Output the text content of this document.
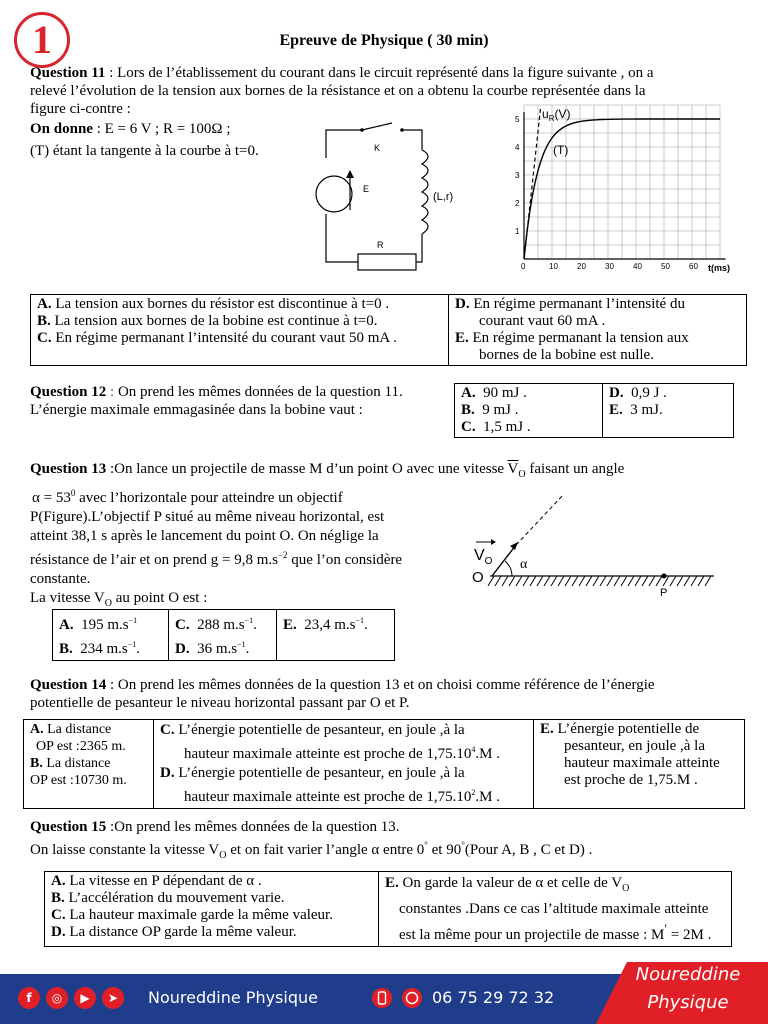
1	Epreuve de Physique ( 30 min)
Question 11 : Lors de l’établissement du courant dans le circuit représenté dans la figure suivante , on a
relevé l’évolution de la tension aux bornes de la résistance et on a obtenu la courbe représentée dans la
figure ci-contre :
On donne : E = 6 V ; R = 100Ω ;
(T) étant la tangente à la courbe à t=0.	K
E
(L,r)
R
0	10 20 30 40 50 60
1
2
3
4
5 $u_R(V)$
(T)
t(ms)
A. La tension aux bornes du résistor est discontinue à t=0 .
B. La tension aux bornes de la bobine est continue à t=0.
C. En régime permanant l’intensité du courant vaut 50 mA .

D. En régime permanant l’intensité du
courant vaut 60 mA .
E. En régime permanant la tension aux
bornes de la bobine est nulle.
Question 12 : On prend les mêmes données de la question 11.
L’énergie maximale emmagasinée dans la bobine vaut :
A. 90 mJ .
B. 9 mJ .
C. 1,5 mJ .

D. 0,9 J .
E. 3 mJ.
Question 13 :On lance un projectile de masse M d’un point O avec une vitesse $\overline{V}_O$ faisant un angle
$\alpha = 53^0$ avec l’horizontale pour atteindre un objectif
P(Figure).L’objectif P situé au même niveau horizontal, est
atteint 38,1 s après le lancement du point O. On néglige la
résistance de l’air et on prend g = 9,8 $m.s^{-2}$ que l’on considère
constante.
La vitesse $V_O$ au point O est :
$V_O$
O
α
P
A. 195 $m.s^{-1}$
B. 234 $m.s^{-1}$.

C. 288 $m.s^{-1}$.
D. 36 $m.s^{-1}$.

E. 23,4 $m.s^{-1}$.
Question 14 : On prend les mêmes données de la question 13 et on choisi comme référence de l’énergie
potentielle de pesanteur le niveau horizontal passant par O et P.
A. La distance
OP est :2365 m.
B. La distance
OP est :10730 m.

C. L’énergie potentielle de pesanteur, en joule ,à la
hauteur maximale atteinte est proche de 1,75.10$^4$.M .
D. L’énergie potentielle de pesanteur, en joule ,à la
hauteur maximale atteinte est proche de 1,75.10$^2$.M .

E. L’énergie potentielle de
pesanteur, en joule ,à la
hauteur maximale atteinte
est proche de 1,75.M .
Question 15 :On prend les mêmes données de la question 13.
On laisse constante la vitesse $V_O$ et on fait varier l’angle α entre 0° et 90°(Pour A, B , C et D) .
A. La vitesse en P dépendant de α .
B. L’accélération du mouvement varie.
C. La hauteur maximale garde la même valeur.
D. La distance OP garde la même valeur.

E. On garde la valeur de α et celle de $V_O$
constantes .Dans ce cas l’altitude maximale atteinte
est la même pour un projectile de masse : M′ = 2M .
f	◎	▶	➤	Noureddine Physique	06 75 29 72 32
Noureddine
Physique
